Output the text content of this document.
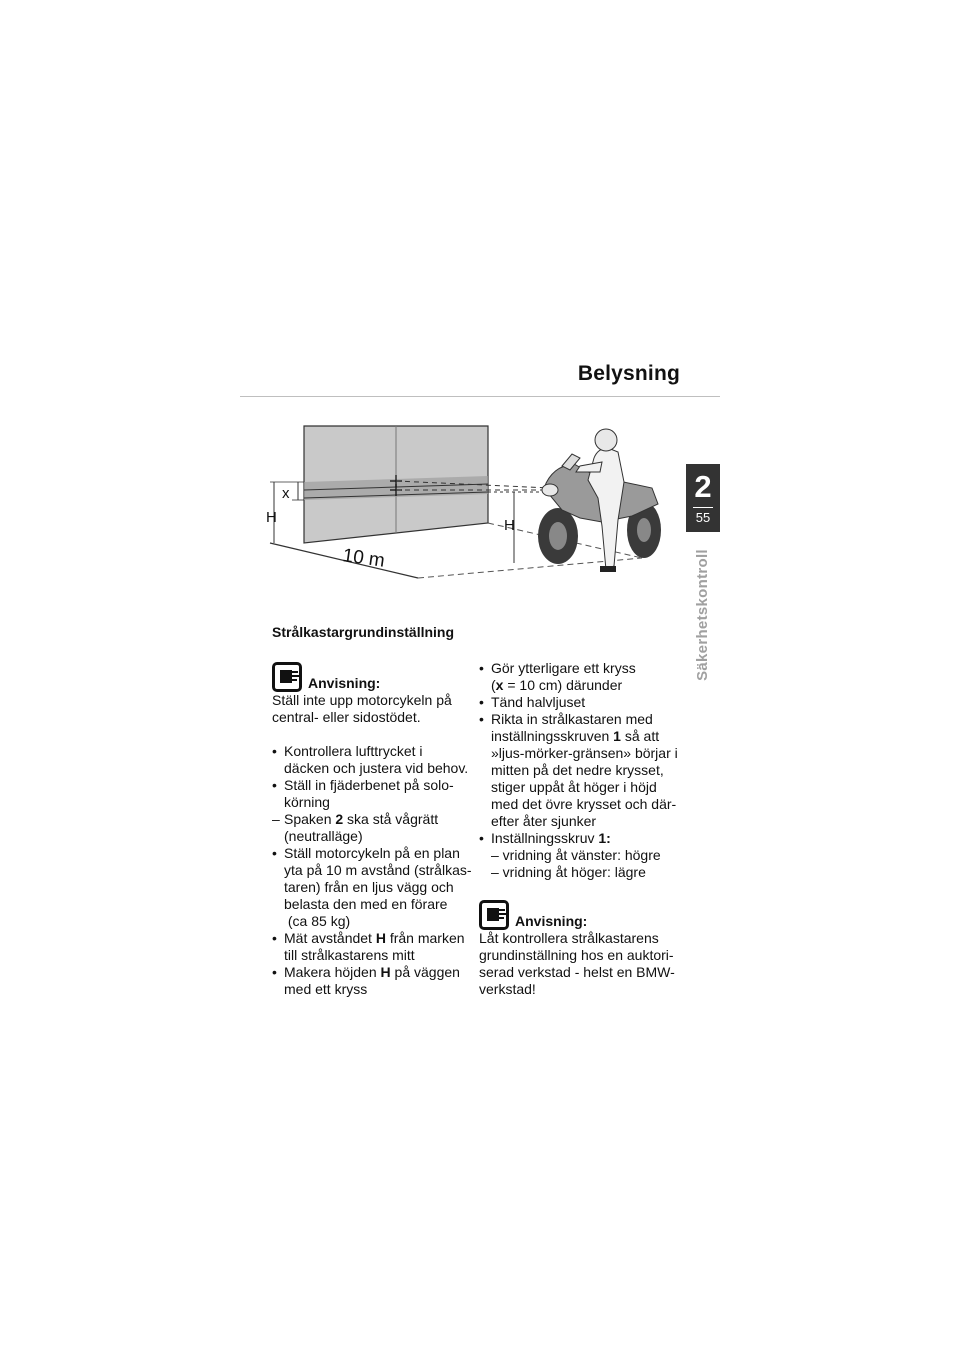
Belysning
2
55
Säkerhetskontroll
x
H	H
10 m
Strålkastargrundinställning
Anvisning:
Ställ inte upp motorcykeln på
central- eller sidostödet.
• Kontrollera lufttrycket i
däcken och justera vid behov.
• Ställ in fjäderbenet på solo-
körning
– Spaken 2 ska stå vågrätt
(neutralläge)
• Ställ motorcykeln på en plan
yta på 10 m avstånd (strålkas-
taren) från en ljus vägg och
belasta den med en förare
(ca 85 kg)
• Mät avståndet H från marken
till strålkastarens mitt
• Makera höjden H på väggen
med ett kryss
• Gör ytterligare ett kryss
(x = 10 cm) därunder
• Tänd halvljuset
• Rikta in strålkastaren med
inställningsskruven 1 så att
»ljus-mörker-gränsen» börjar i
mitten på det nedre krysset,
stiger uppåt åt höger i höjd
med det övre krysset och där-
efter åter sjunker
• Inställningsskruv 1:
– vridning åt vänster: högre
– vridning åt höger: lägre
Anvisning:
Låt kontrollera strålkastarens
grundinställning hos en auktori-
serad verkstad - helst en BMW-
verkstad!
